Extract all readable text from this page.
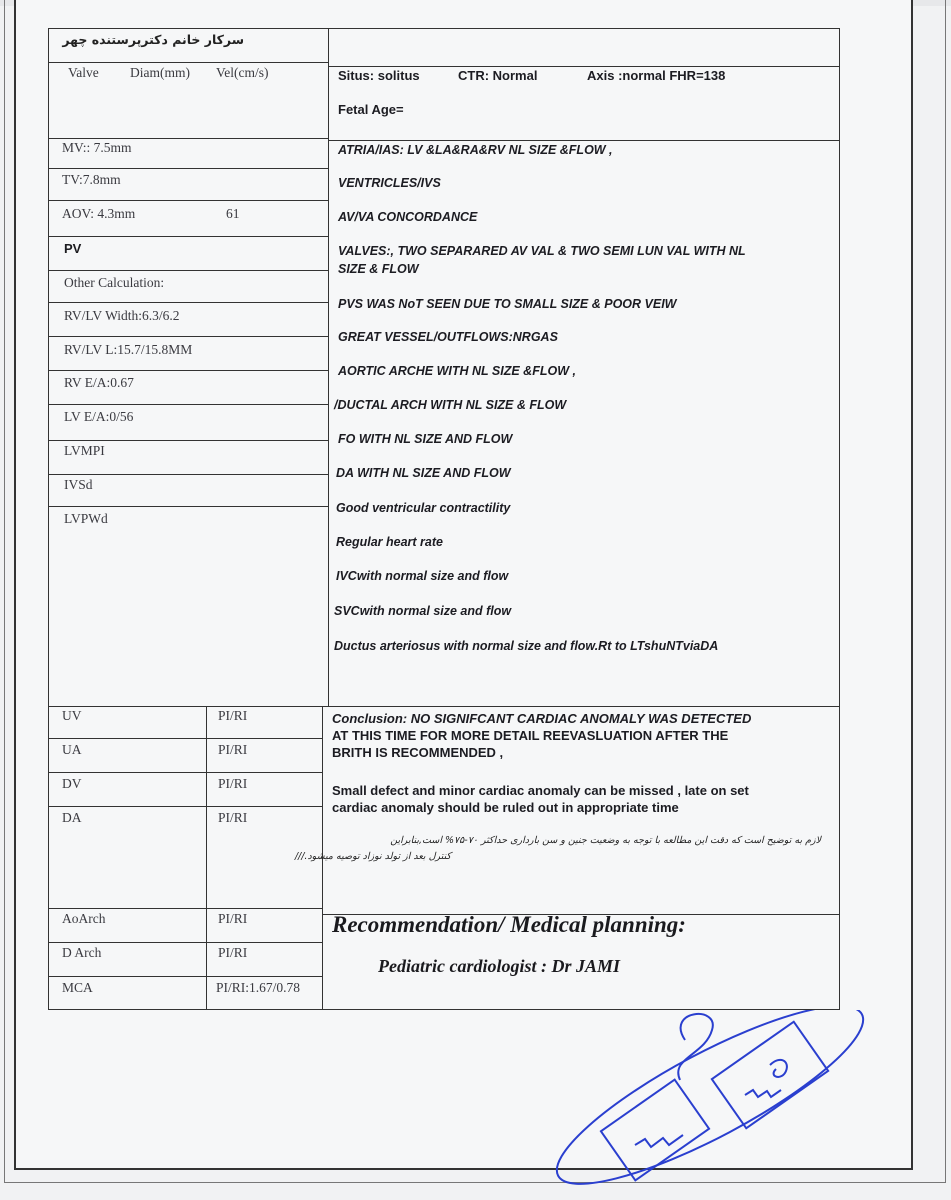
سرکار خانم دکترپرستنده چهر
Valve Diam(mm) Vel(cm/s)
MV:: 7.5mm
TV:7.8mm
AOV: 4.3mm	61
PV
Other Calculation:
RV/LV Width:6.3/6.2
RV/LV L:15.7/15.8MM
RV E/A:0.67
LV E/A:0/56
LVMPI
IVSd
LVPWd
UV	PI/RI
UA	PI/RI
DV	PI/RI
DA	PI/RI
AoArch	PI/RI
D Arch	PI/RI
MCA	PI/RI:1.67/0.78
Situs: solitus	CTR: Normal	Axis :normal FHR=138
Fetal Age=
ATRIA/IAS: LV &LA&RA&RV NL SIZE &FLOW ,
VENTRICLES/IVS
AV/VA CONCORDANCE
VALVES:, TWO SEPARARED AV VAL & TWO SEMI LUN VAL WITH NL
SIZE & FLOW
PVS WAS NoT SEEN DUE TO SMALL SIZE & POOR VEIW
GREAT VESSEL/OUTFLOWS:NRGAS
AORTIC ARCHE WITH NL SIZE &FLOW ,
/DUCTAL ARCH WITH NL SIZE & FLOW
FO WITH NL SIZE AND FLOW
DA WITH NL SIZE AND FLOW
Good ventricular contractility
Regular heart rate
IVCwith normal size and flow
SVCwith normal size and flow
Ductus arteriosus with normal size and flow.Rt to LTshuNTviaDA
Conclusion: NO SIGNIFCANT CARDIAC ANOMALY WAS DETECTED
AT THIS TIME FOR MORE DETAIL REEVASLUATION AFTER THE
BRITH IS RECOMMENDED ,
Small defect and minor cardiac anomaly can be missed , late on set
cardiac anomaly should be ruled out in appropriate time
لازم به توضیح است که دقت این مطالعه با توجه به وضعیت جنین و سن بارداری حداکثر ۷۰-۷۵% است,بنابراین
کنترل بعد از تولد نوزاد توصیه میشود.///
Recommendation/ Medical planning:
Pediatric cardiologist : Dr JAMI
